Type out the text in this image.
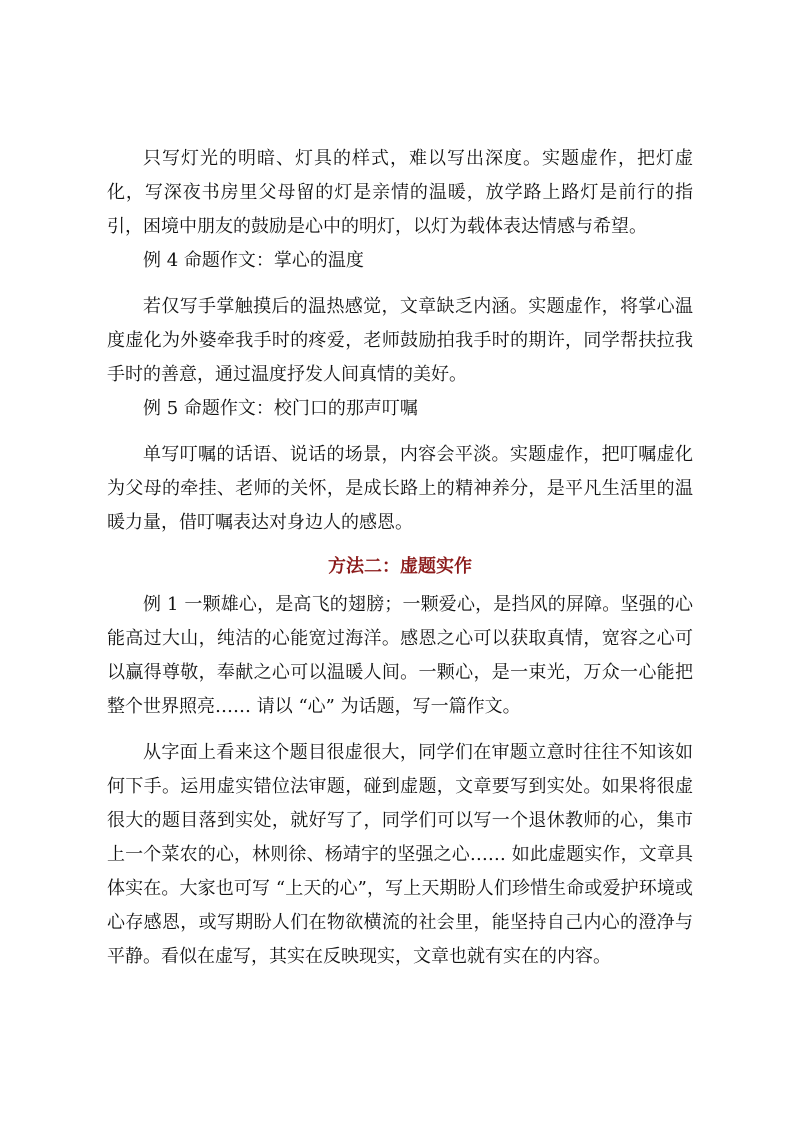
只写灯光的明暗、灯具的样式，难以写出深度。实题虚作，把灯虚化，写深夜书房里父母留的灯是亲情的温暖，放学路上路灯是前行的指引，困境中朋友的鼓励是心中的明灯，以灯为载体表达情感与希望。

例 4 命题作文：掌心的温度

若仅写手掌触摸后的温热感觉，文章缺乏内涵。实题虚作，将掌心温度虚化为外婆牵我手时的疼爱，老师鼓励拍我手时的期许，同学帮扶拉我手时的善意，通过温度抒发人间真情的美好。

例 5 命题作文：校门口的那声叮嘱

单写叮嘱的话语、说话的场景，内容会平淡。实题虚作，把叮嘱虚化为父母的牵挂、老师的关怀，是成长路上的精神养分，是平凡生活里的温暖力量，借叮嘱表达对身边人的感恩。

方法二：虚题实作

例 1 一颗雄心，是高飞的翅膀；一颗爱心，是挡风的屏障。坚强的心能高过大山，纯洁的心能宽过海洋。感恩之心可以获取真情，宽容之心可以赢得尊敬，奉献之心可以温暖人间。一颗心，是一束光，万众一心能把整个世界照亮…… 请以 “心” 为话题，写一篇作文。

从字面上看来这个题目很虚很大，同学们在审题立意时往往不知该如何下手。运用虚实错位法审题，碰到虚题，文章要写到实处。如果将很虚很大的题目落到实处，就好写了，同学们可以写一个退休教师的心，集市上一个菜农的心，林则徐、杨靖宇的坚强之心…… 如此虚题实作，文章具体实在。大家也可写 “上天的心”，写上天期盼人们珍惜生命或爱护环境或心存感恩，或写期盼人们在物欲横流的社会里，能坚持自己内心的澄净与平静。看似在虚写，其实在反映现实，文章也就有实在的内容。
